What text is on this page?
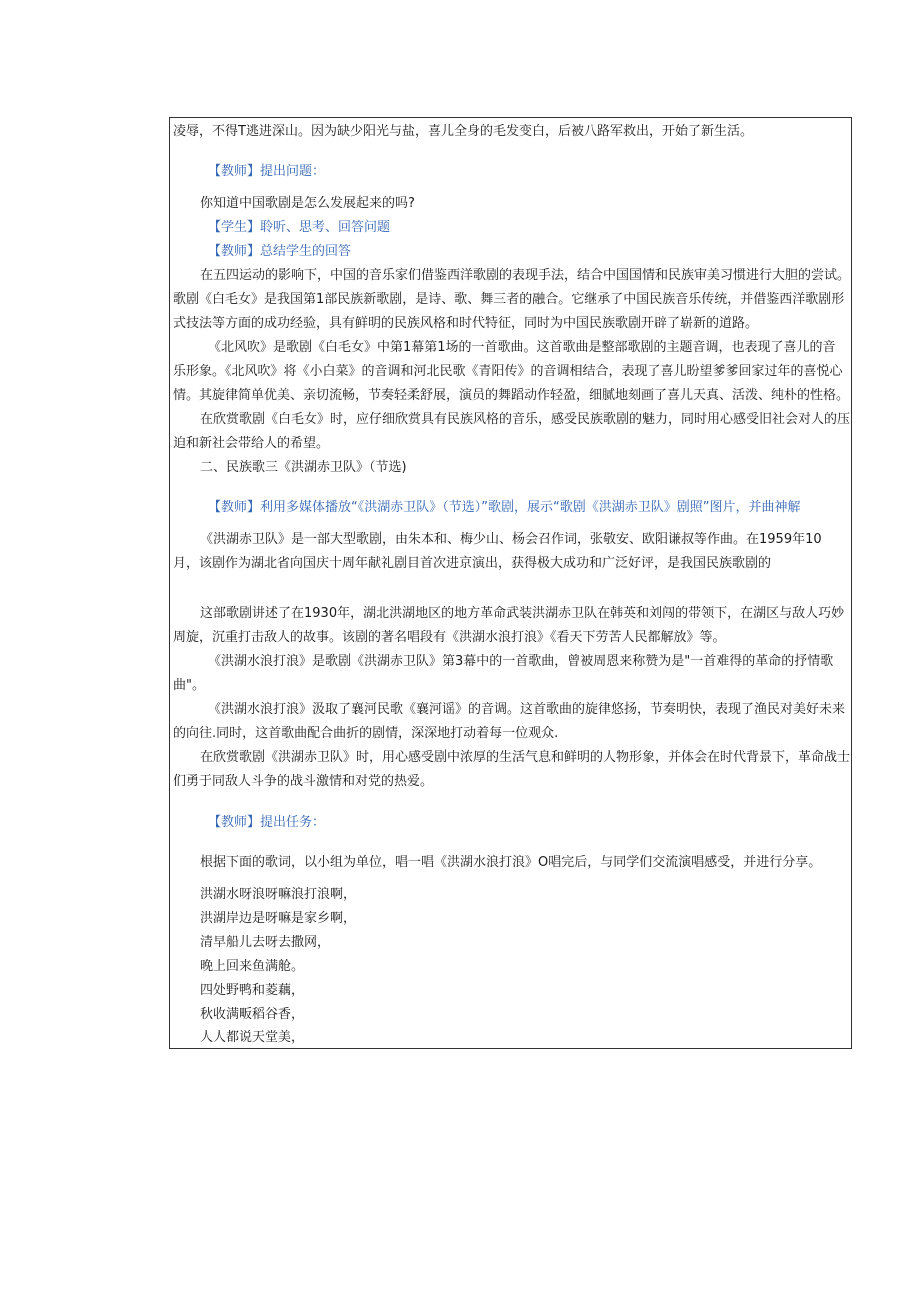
凌辱，不得T逃进深山。因为缺少阳光与盐，喜儿全身的毛发变白，后被八路军救出，开始了新生活。
【教师】提出问题：
你知道中国歌剧是怎么发展起来的吗?
【学生】聆听、思考、回答问题
【教师】总结学生的回答
在五四运动的影响下，中国的音乐家们借鉴西洋歌剧的表现手法，结合中国国情和民族审美习惯进行大胆的尝试。
歌剧《白毛女》是我国第1部民族新歌剧，是诗、歌、舞三者的融合。它继承了中国民族音乐传统，并借鉴西洋歌剧形
式技法等方面的成功经验，具有鲜明的民族风格和时代特征，同时为中国民族歌剧开辟了崭新的道路。
《北风吹》是歌剧《白毛女》中第1幕第1场的一首歌曲。这首歌曲是整部歌剧的主题音调，也表现了喜儿的音
乐形象。《北风吹》将《小白菜》的音调和河北民歌《青阳传》的音调相结合，表现了喜儿盼望爹爹回家过年的喜悦心
情。其旋律简单优美、亲切流畅，节奏轻柔舒展，演员的舞蹈动作轻盈，细腻地刻画了喜儿天真、活泼、纯朴的性格。
在欣赏歌剧《白毛女》时，应仔细欣赏具有民族风格的音乐，感受民族歌剧的魅力，同时用心感受旧社会对人的压
迫和新社会带给人的希望。
二、民族歌三《洪湖赤卫队》（节选)
【教师】利用多媒体播放“《洪湖赤卫队》（节选）”歌剧，展示“歌剧《洪湖赤卫队》剧照”图片，并曲神解
《洪湖赤卫队》是一部大型歌剧，由朱本和、梅少山、杨会召作词，张敬安、欧阳谦叔等作曲。在1959年10
月，该剧作为湖北省向国庆十周年献礼剧目首次进京演出，获得极大成功和广泛好评，是我国民族歌剧的
这部歌剧讲述了在1930年，湖北洪湖地区的地方革命武装洪湖赤卫队在韩英和刘闯的带领下，在湖区与敌人巧妙
周旋，沉重打击敌人的故事。该剧的著名唱段有《洪湖水浪打浪》《看天下劳苦人民都解放》等。
《洪湖水浪打浪》是歌剧《洪湖赤卫队》第3幕中的一首歌曲，曾被周恩来称赞为是"一首难得的革命的抒情歌
曲"。
《洪湖水浪打浪》汲取了襄河民歌《襄河谣》的音调。这首歌曲的旋律悠扬，节奏明快，表现了渔民对美好未来
的向往.同时，这首歌曲配合曲折的剧情，深深地打动着每一位观众.
在欣赏歌剧《洪湖赤卫队》时，用心感受剧中浓厚的生活气息和鲜明的人物形象，并体会在时代背景下，革命战士
们勇于同敌人斗争的战斗激情和对党的热爱。
【教师】提出任务：
根据下面的歌词，以小组为单位，唱一唱《洪湖水浪打浪》O唱完后，与同学们交流演唱感受，并进行分享。
洪湖水呀浪呀嘛浪打浪啊，
洪湖岸边是呀嘛是家乡啊，
清早船儿去呀去撒网，
晚上回来鱼满舱。
四处野鸭和菱藕，
秋收满畈稻谷香，
人人都说天堂美，
